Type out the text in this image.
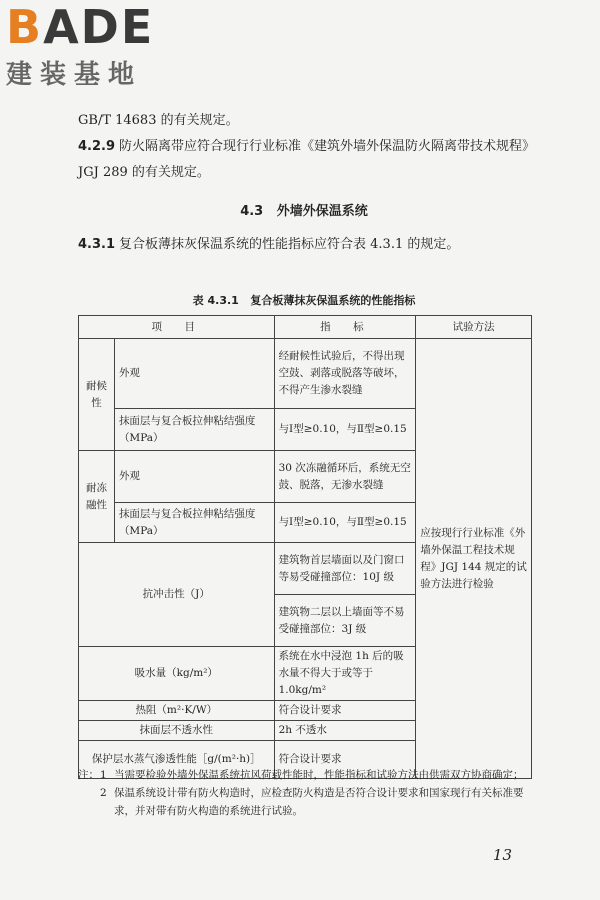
BADE
建装基地
GB/T 14683 的有关规定。
4.2.9 防火隔离带应符合现行行业标准《建筑外墙外保温防火隔离带技术规程》JGJ 289 的有关规定。
4.3 外墙外保温系统
4.3.1 复合板薄抹灰保温系统的性能指标应符合表 4.3.1 的规定。
表 4.3.1 复合板薄抹灰保温系统的性能指标
项　目		指　标	试验方法
耐候性	外观	经耐候性试验后，不得出现空鼓、剥落或脱落等破坏，不得产生渗水裂缝	应按现行行业标准《外墙外保温工程技术规程》JGJ 144 规定的试验方法进行检验
	抹面层与复合板拉伸粘结强度（MPa）	与Ⅰ型≥0.10，与Ⅱ型≥0.15	
耐冻融性	外观	30 次冻融循环后，系统无空鼓、脱落，无渗水裂缝	
	抹面层与复合板拉伸粘结强度（MPa）	与Ⅰ型≥0.10，与Ⅱ型≥0.15	
抗冲击性（J）		建筑物首层墙面以及门窗口等易受碰撞部位：10J 级	
		建筑物二层以上墙面等不易受碰撞部位：3J 级	
吸水量（kg/m²）		系统在水中浸泡 1h 后的吸水量不得大于或等于 1.0kg/m²	
热阻（m²·K/W）		符合设计要求	
抹面层不透水性		2h 不透水	
保护层水蒸气渗透性能［g/(m²·h)］		符合设计要求	
注： 1 当需要检验外墙外保温系统抗风荷载性能时，性能指标和试验方法由供需双方协商确定；
2 保温系统设计带有防火构造时，应检查防火构造是否符合设计要求和国家现行有关标准要求，并对带有防火构造的系统进行试验。
13
